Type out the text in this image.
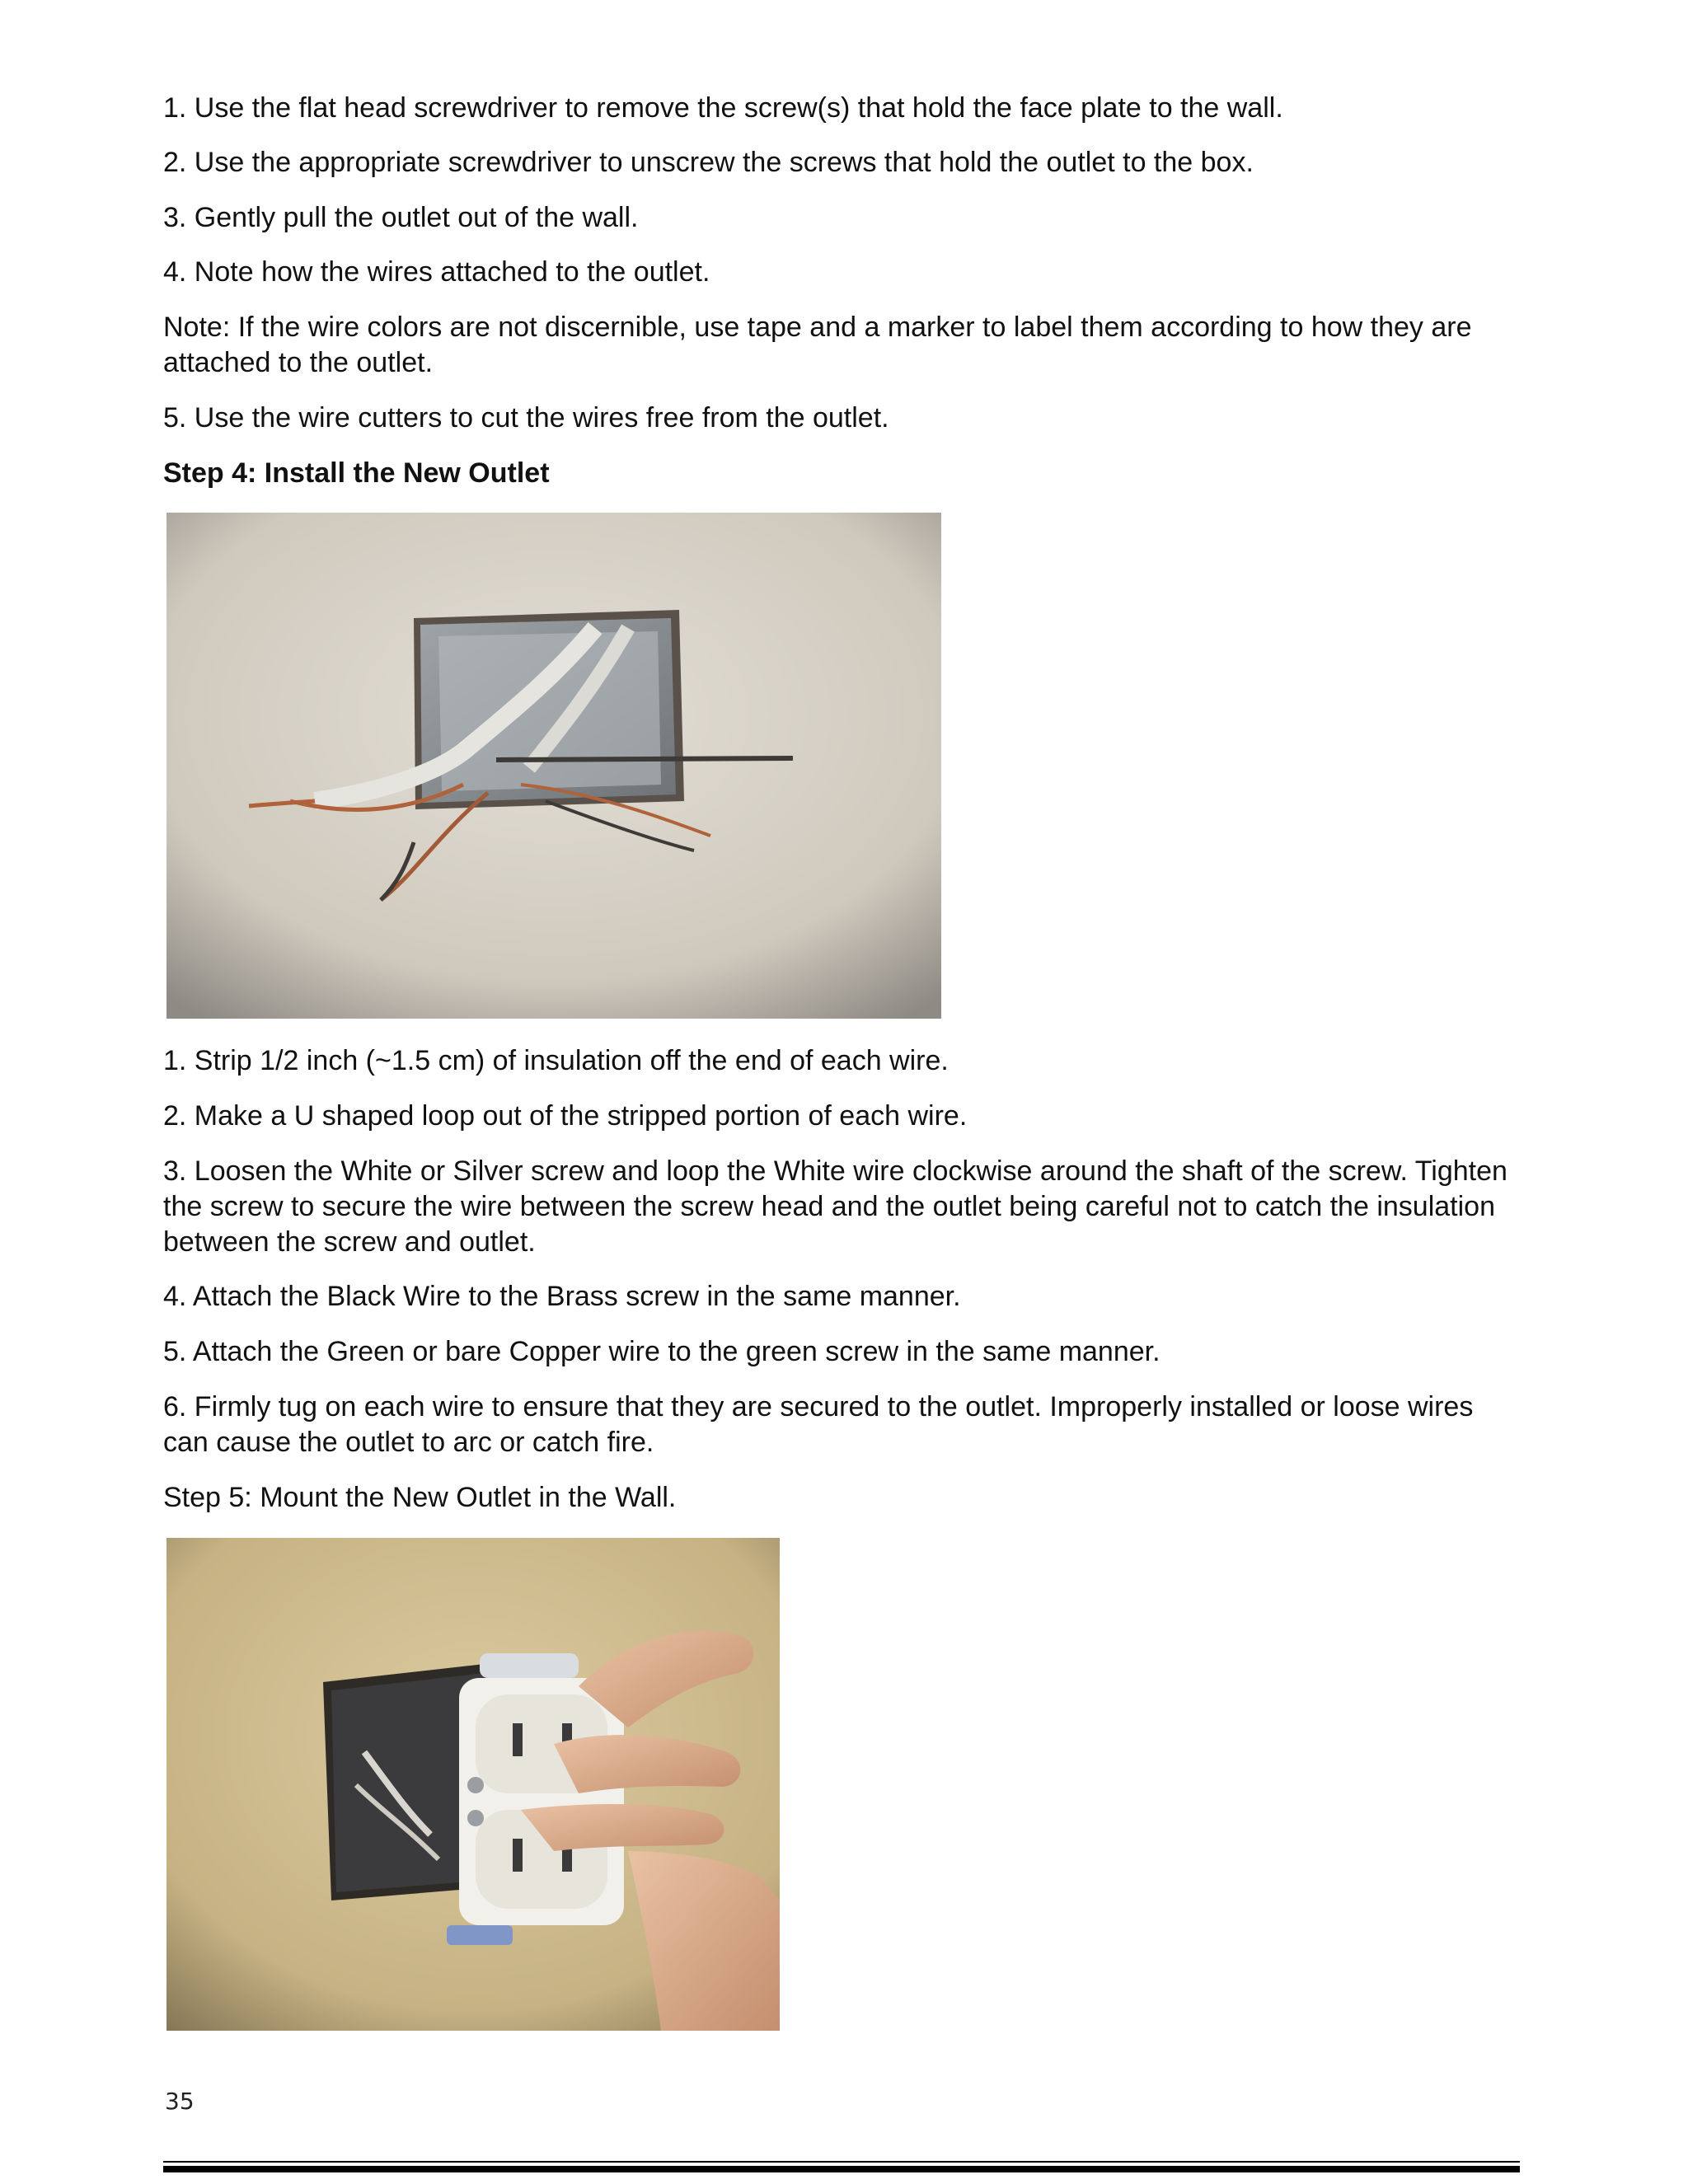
1. Use the flat head screwdriver to remove the screw(s) that hold the face plate to the wall.

2. Use the appropriate screwdriver to unscrew the screws that hold the outlet to the box.

3. Gently pull the outlet out of the wall.

4. Note how the wires attached to the outlet.

Note: If the wire colors are not discernible, use tape and a marker to label them according to how they are attached to the outlet.

5. Use the wire cutters to cut the wires free from the outlet.

Step 4: Install the New Outlet

1. Strip 1/2 inch (~1.5 cm) of insulation off the end of each wire.

2. Make a U shaped loop out of the stripped portion of each wire.

3. Loosen the White or Silver screw and loop the White wire clockwise around the shaft of the screw. Tighten the screw to secure the wire between the screw head and the outlet being careful not to catch the insulation between the screw and outlet.

4. Attach the Black Wire to the Brass screw in the same manner.

5. Attach the Green or bare Copper wire to the green screw in the same manner.

6. Firmly tug on each wire to ensure that they are secured to the outlet. Improperly installed or loose wires can cause the outlet to arc or catch fire.

Step 5: Mount the New Outlet in the Wall.

35
